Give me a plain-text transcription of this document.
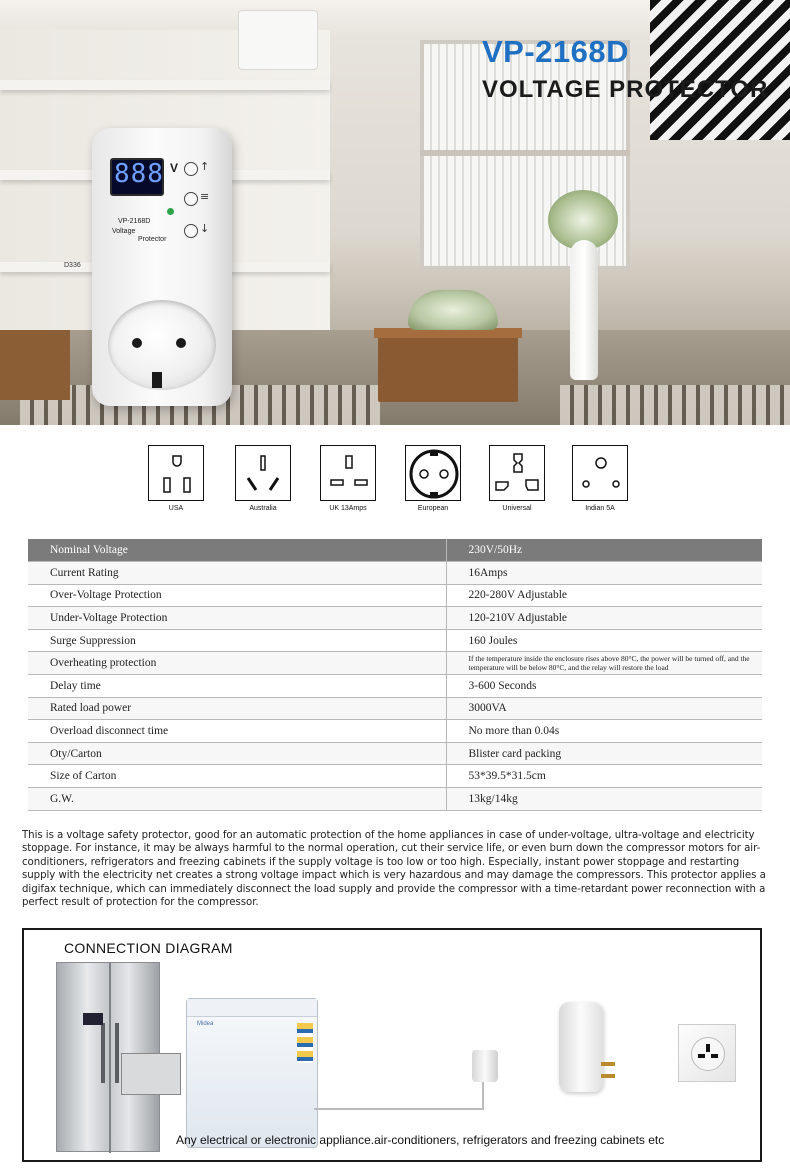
D336
VP-2168D
VOLTAGE PROTECTOR
888 V ↑
≡
↓
VP-2168D
Voltage
Protector
USA	Australia	UK 13Amps	European	Universal	Indian 5A
Nominal Voltage	230V/50Hz
Current Rating	16Amps
Over-Voltage Protection	220-280V Adjustable
Under-Voltage Protection	120-210V Adjustable
Surge Suppression	160 Joules
Overheating protection	If the temperature inside the enclosure rises above 80°C, the power will be turned off, and the temperature will be below 80°C, and the relay will restore the load
Delay time	3-600 Seconds
Rated load power	3000VA
Overload disconnect time	No more than 0.04s
Oty/Carton	Blister card packing
Size of Carton	53*39.5*31.5cm
G.W.	13kg/14kg

This is a voltage safety protector, good for an automatic protection of the home appliances in case of under-voltage, ultra-voltage and electricity stoppage. For instance, it may be always harmful to the normal operation, cut their service life, or even burn down the compressor motors for air-conditioners, refrigerators and freezing cabinets if the supply voltage is too low or too high. Especially, instant power stoppage and restarting supply with the electricity net creates a strong voltage impact which is very hazardous and may damage the compressors. This protector applies a digifax technique, which can immediately disconnect the load supply and provide the compressor with a time-retardant power reconnection with a perfect result of protection for the compressor.

CONNECTION DIAGRAM
Midea
Any electrical or electronic appliance.air-conditioners, refrigerators and freezing cabinets etc
